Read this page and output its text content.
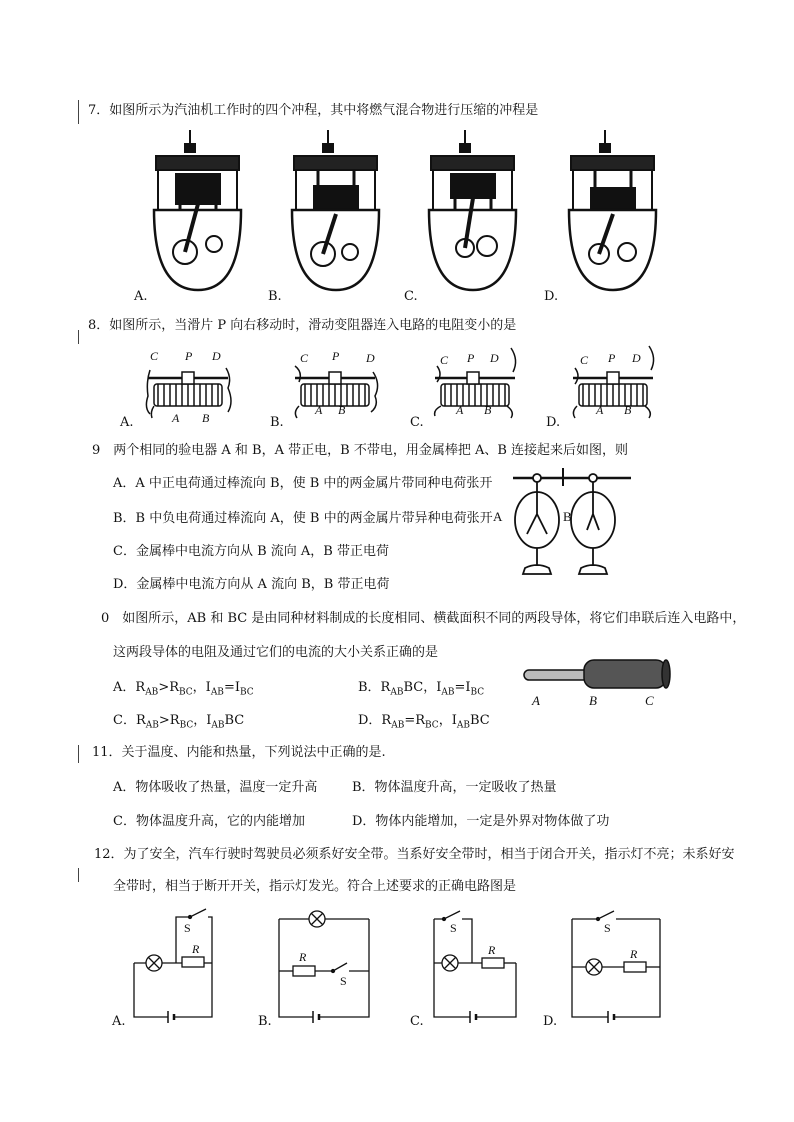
7．如图所示为汽油机工作时的四个冲程，其中将燃气混合物进行压缩的冲程是
A.	B.	C.	D.
8．如图所示，当滑片 P 向右移动时，滑动变阻器连入电路的电阻变小的是
C P D
A B
C P D
A B
C P D
A B
C P D
A B
A.	B.	C.	D.
9　两个相同的验电器 A 和 B，A 带正电，B 不带电，用金属棒把 A、B 连接起来后如图，则
A．A 中正电荷通过棒流向 B，使 B 中的两金属片带同种电荷张开
B．B 中负电荷通过棒流向 A，使 B 中的两金属片带异种电荷张开
C．金属棒中电流方向从 B 流向 A，B 带正电荷
D．金属棒中电流方向从 A 流向 B，B 带正电荷
A	B
0　如图所示，AB 和 BC 是由同种材料制成的长度相同、横截面积不同的两段导体，将它们串联后连入电路中，
这两段导体的电阻及通过它们的电流的大小关系正确的是
A．$R_{AB}>R_{BC}$，$I_{AB}=I_{BC}$	B．$R_{AB}BC$，$I_{AB}=I_{BC}$
C．$R_{AB}>R_{BC}$，$I_{AB}BC$	D．$R_{AB}=R_{BC}$，$I_{AB}BC$
A	B	C
11．关于温度、内能和热量，下列说法中正确的是.
A．物体吸收了热量，温度一定升高	B．物体温度升高，一定吸收了热量
C．物体温度升高，它的内能增加	D．物体内能增加，一定是外界对物体做了功
12．为了安全，汽车行驶时驾驶员必须系好安全带。当系好安全带时，相当于闭合开关，指示灯不亮；未系好安
全带时，相当于断开开关，指示灯发光。符合上述要求的正确电路图是
S
R
R
S
S
R
S
R
A.	B.	C.	D.
